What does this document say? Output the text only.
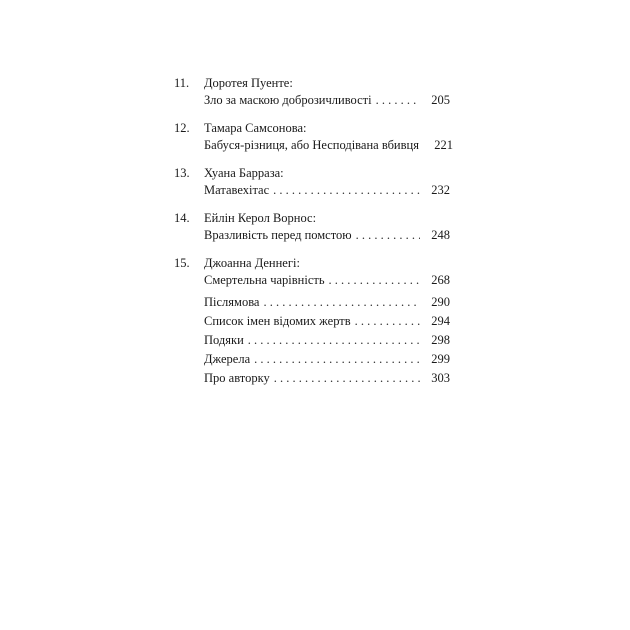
11.	Доротея Пуенте:
Зло за маскою доброзичливості . . .	205
12.	Тамара Самсонова:
Бабуся-різниця, або Несподівана вбивця	221
13.	Хуана Барраза:
Матавехітас . . .	232
14.	Ейлін Керол Ворнос:
Вразливість перед помстою . . .	248
15.	Джоанна Деннегі:
Смертельна чарівність . . .	268
Післямова . . .	290
Список імен відомих жертв . . .	294
Подяки . . .	298
Джерела . . .	299
Про авторку . . .	303
